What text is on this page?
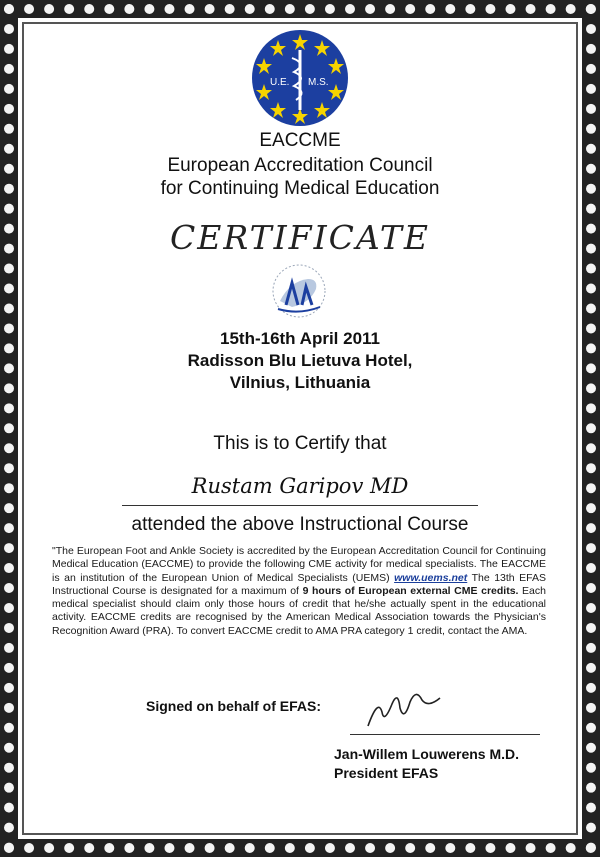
U.E. M.S.
EACCME
European Accreditation Council
for Continuing Medical Education
CERTIFICATE
15th-16th April 2011
Radisson Blu Lietuva Hotel,
Vilnius, Lithuania
This is to Certify that
Rustam Garipov MD
attended the above Instructional Course
"The European Foot and Ankle Society is accredited by the European Accreditation Council for Continuing Medical Education (EACCME) to provide the following CME activity for medical specialists. The EACCME is an institution of the European Union of Medical Specialists (UEMS) www.uems.net The 13th EFAS Instructional Course is designated for a maximum of 9 hours of European external CME credits. Each medical specialist should claim only those hours of credit that he/she actually spent in the educational activity. EACCME credits are recognised by the American Medical Association towards the Physician's Recognition Award (PRA). To convert EACCME credit to AMA PRA category 1 credit, contact the AMA.
Signed on behalf of EFAS:
Jan-Willem Louwerens M.D.
President EFAS
